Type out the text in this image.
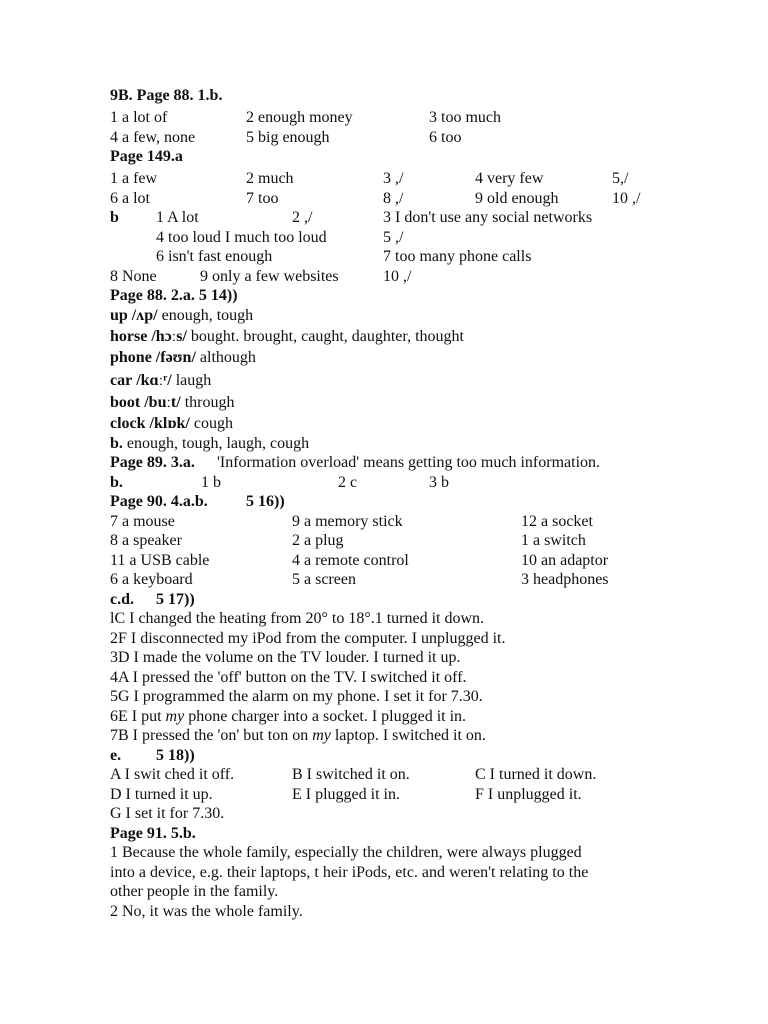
9B. Page 88. 1.b.
1 a lot of	2 enough money	3 too much
4 a few, none	5 big enough	6 too
Page 149.a
1 a few	2 much	3 ,/	4 very few	5,/
6 a lot	7 too	8 ,/	9 old enough	10 ,/
b 1 A lot	2 ,/	3 I don't use any social networks
4 too loud I much too loud	5 ,/
6 isn't fast enough	7 too many phone calls
8 None	9 only a few websites	10 ,/
Page 88. 2.a. 5 14))
up /ʌp/ enough, tough
horse /hɔːs/ bought. brought, caught, daughter, thought
phone /fəʊn/ although
car /kɑːʳ/ laugh
boot /buːt/ through
clock /klɒk/ cough
b. enough, tough, laugh, cough
Page 89. 3.a. 'Information overload' means getting too much information.
b.	1 b	2 c	3 b
Page 90. 4.a.b. 5 16))
7 a mouse	9 a memory stick	12 a socket
8 a speaker	2 a plug	1 a switch
11 a USB cable	4 a remote control	10 an adaptor
6 a keyboard	5 a screen	3 headphones
c.d. 5 17))
lC I changed the heating from 20° to 18°.1 turned it down.
2F I disconnected my iPod from the computer. I unplugged it.
3D I made the volume on the TV louder. I turned it up.
4A I pressed the 'off' button on the TV. I switched it off.
5G I programmed the alarm on my phone. I set it for 7.30.
6E I put my phone charger into a socket. I plugged it in.
7B I pressed the 'on' but ton on my laptop. I switched it on.
e. 5 18))
A I swit ched it off.	B I switched it on.	C I turned it down.
D I turned it up.	E I plugged it in.	F I unplugged it.
G I set it for 7.30.
Page 91. 5.b.
1 Because the whole family, especially the children, were always plugged
into a device, e.g. their laptops, t heir iPods, etc. and weren't relating to the
other people in the family.
2 No, it was the whole family.
